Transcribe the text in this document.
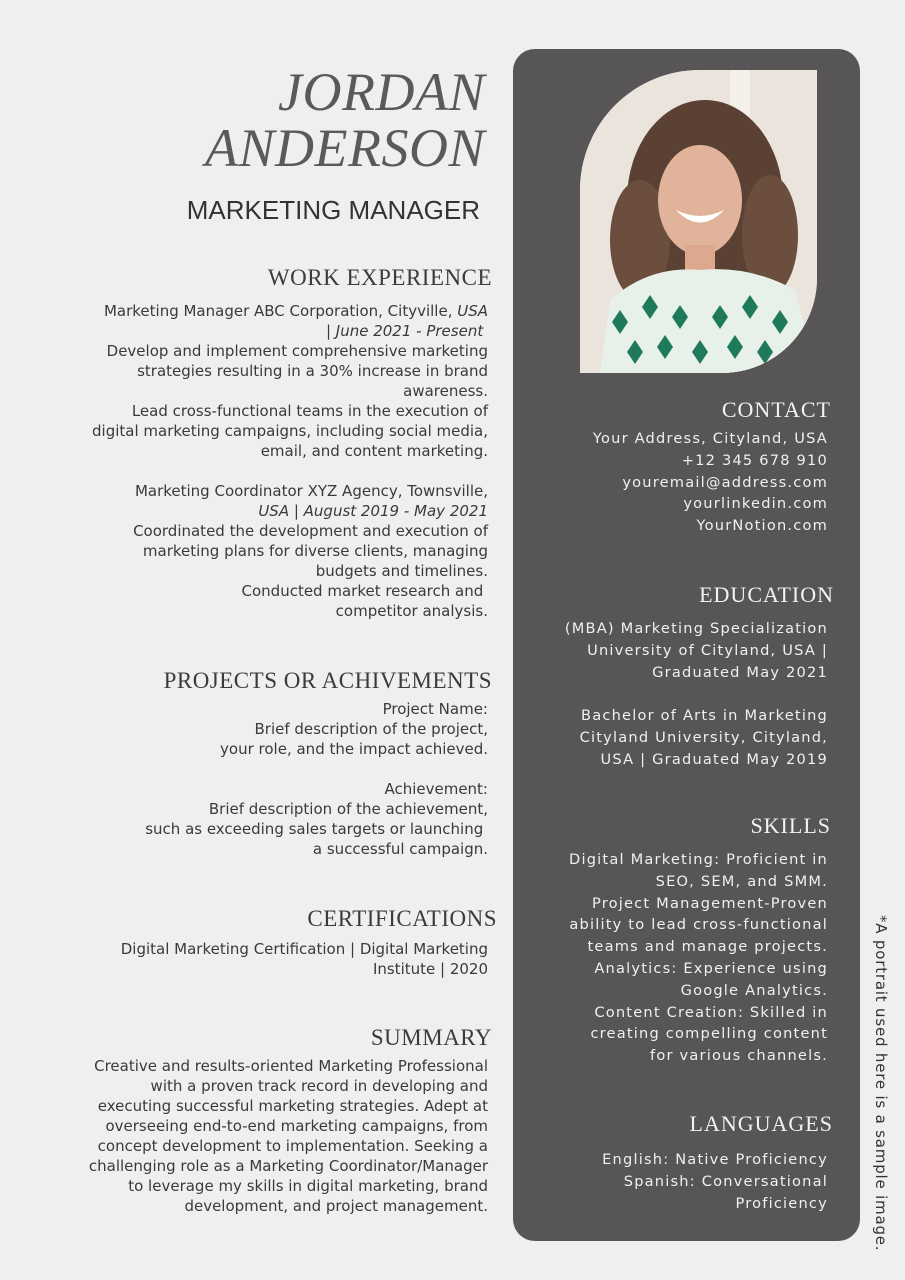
JORDAN
ANDERSON
MARKETING MANAGER
WORK EXPERIENCE
Marketing Manager ABC Corporation, Cityville, USA
| June 2021 - Present
Develop and implement comprehensive marketing
strategies resulting in a 30% increase in brand
awareness.
Lead cross-functional teams in the execution of
digital marketing campaigns, including social media,
email, and content marketing.

Marketing Coordinator XYZ Agency, Townsville,
USA | August 2019 - May 2021
Coordinated the development and execution of
marketing plans for diverse clients, managing
budgets and timelines.
Conducted market research and
competitor analysis.
PROJECTS OR ACHIVEMENTS
Project Name:
Brief description of the project,
your role, and the impact achieved.

Achievement:
Brief description of the achievement,
such as exceeding sales targets or launching
a successful campaign.
CERTIFICATIONS
Digital Marketing Certification | Digital Marketing
Institute | 2020
SUMMARY
Creative and results-oriented Marketing Professional
with a proven track record in developing and
executing successful marketing strategies. Adept at
overseeing end-to-end marketing campaigns, from
concept development to implementation. Seeking a
challenging role as a Marketing Coordinator/Manager
to leverage my skills in digital marketing, brand
development, and project management.
CONTACT
Your Address, Cityland, USA
+12 345 678 910
youremail@address.com
yourlinkedin.com
YourNotion.com
EDUCATION
(MBA) Marketing Specialization
University of Cityland, USA |
Graduated May 2021

Bachelor of Arts in Marketing
Cityland University, Cityland,
USA | Graduated May 2019
SKILLS
Digital Marketing: Proficient in
SEO, SEM, and SMM.
Project Management-Proven
ability to lead cross-functional
teams and manage projects.
Analytics: Experience using
Google Analytics.
Content Creation: Skilled in
creating compelling content
for various channels.
LANGUAGES
English: Native Proficiency
Spanish: Conversational
Proficiency	*A portrait used here is a sample image.
